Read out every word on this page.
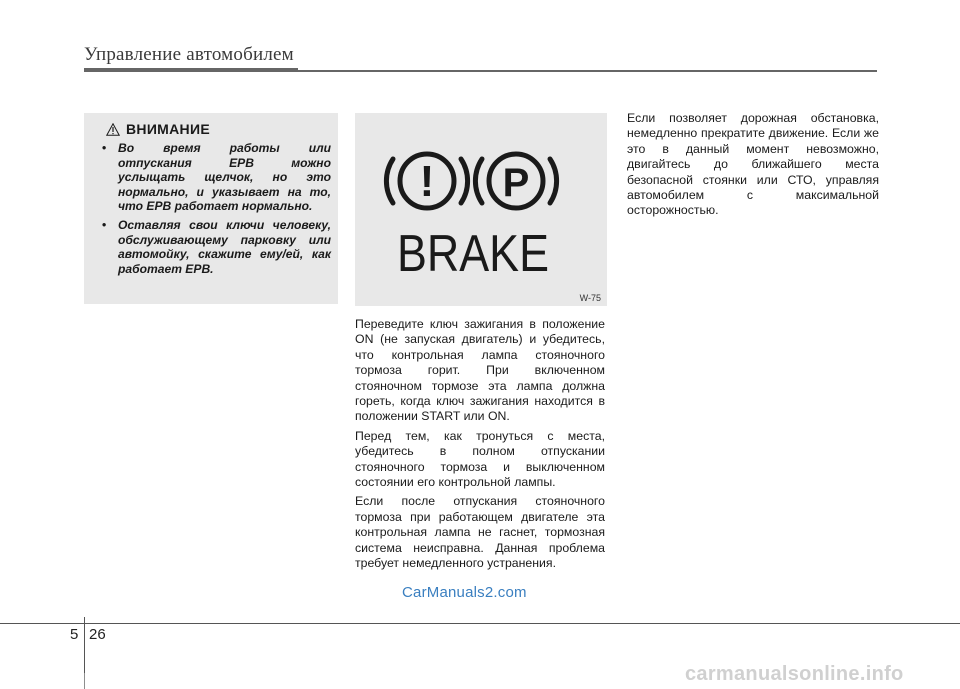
Управление автомобилем
ВНИМАНИЕ
• Во время работы или отпускания EPB можно услыщать щелчок, но это нормально, и указывает на то, что EPB работает нормально.
• Оставляя свои ключи человеку, обслуживающему парковку или автомойку, скажите ему/ей, как работает EPB.
! P
BRAKE
W-75

Переведите ключ зажигания в положение ON (не запуская двигатель) и убедитесь, что контрольная лампа стояночного тормоза горит. При включенном стояночном тормозе эта лампа должна гореть, когда ключ зажигания находится в положении START или ON.

Перед тем, как тронуться с места, убедитесь в полном отпускании стояночного тормоза и выключенном состоянии его контрольной лампы.

Если после отпускания стояночного тормоза при работающем двигателе эта контрольная лампа не гаснет, тормозная система неисправна. Данная проблема требует немедленного устранения.

Если позволяет дорожная обстановка, немедленно прекратите движение. Если же это в данный момент невозможно, двигайтесь до ближайшего места безопасной стоянки или СТО, управляя автомобилем с максимальной осторожностью.

CarManuals2.com
5 26
carmanualsonline.info
